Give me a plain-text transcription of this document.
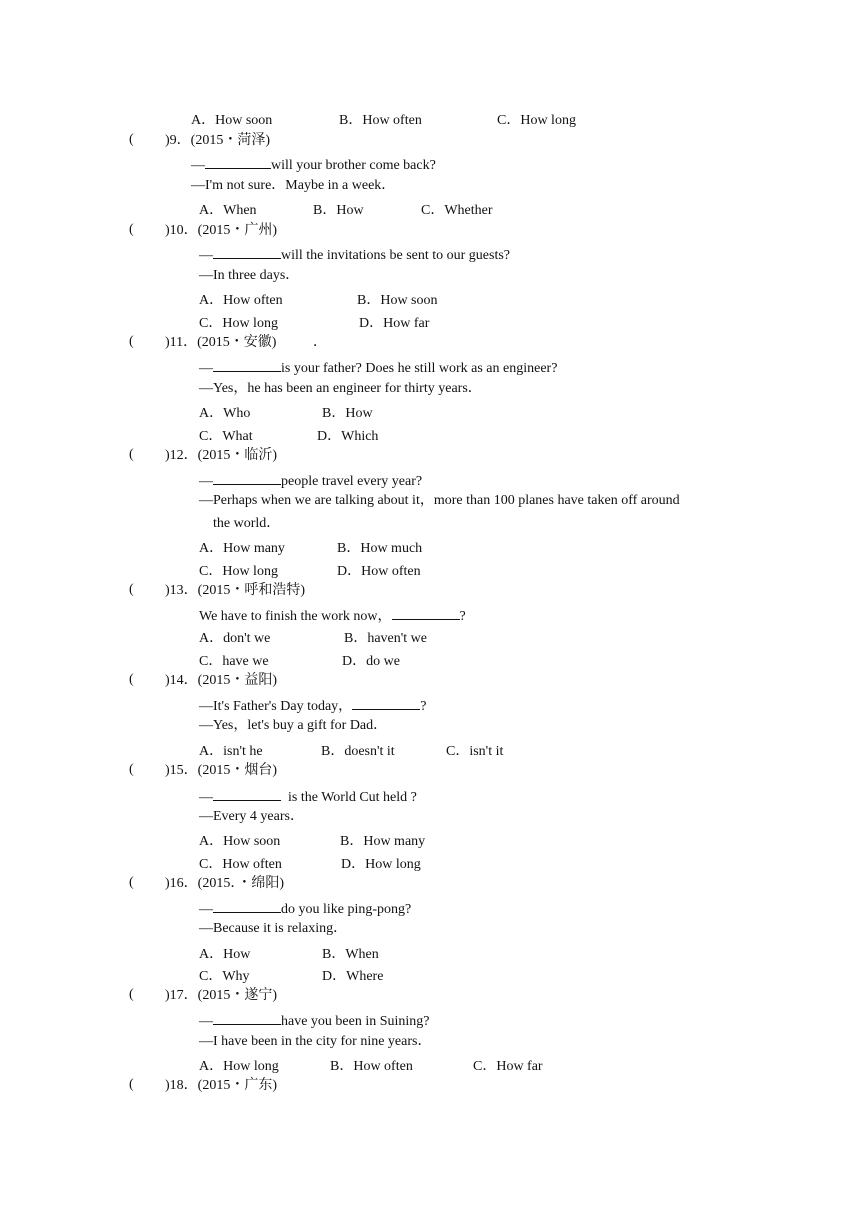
A．How soon	B．How often	C．How long
( )9．(2015・菏泽)
—	will your brother come back?
—I'm not sure．Maybe in a week．
A．When	B．How	C．Whether
( )10．(2015・广州)
—	will the invitations be sent to our guests?
—In three days．
A．How often	B．How soon
C．How long	D．How far
( )11．(2015・安徽)	．
—	is your father? Does he still work as an engineer?
—Yes，he has been an engineer for thirty years．
A．Who	B．How
C．What	D．Which
( )12．(2015・临沂)
—	people travel every year?
—Perhaps when we are talking about it，more than 100 planes have taken off around
the world．
A．How many	B．How much
C．How long	D．How often
( )13．(2015・呼和浩特)
We have to finish the work now，	?
A．don't we	B．haven't we
C．have we	D．do we
( )14．(2015・益阳)
—It's Father's Day today，	?
—Yes，let's buy a gift for Dad．
A．isn't he	B．doesn't it	C．isn't it
( )15．(2015・烟台)
—	is the World Cut held ?
—Every 4 years．
A．How soon	B．How many
C．How often	D．How long
( )16．(2015．・绵阳)
—	do you like ping-pong?
—Because it is relaxing．
A．How	B．When
C．Why	D．Where
( )17．(2015・遂宁)
—	have you been in Suining?
—I have been in the city for nine years．
A．How long	B．How often	C．How far
( )18．(2015・广东)
